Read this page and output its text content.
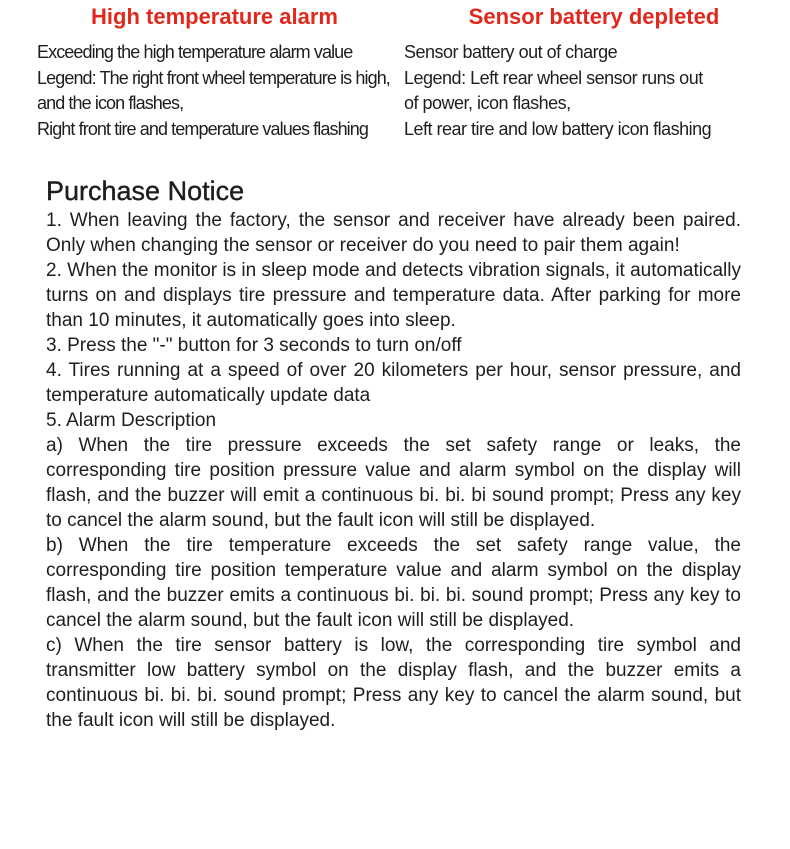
High temperature alarm
Exceeding the high temperature alarm value
Legend: The right front wheel temperature is high,
and the icon flashes,
Right front tire and temperature values flashing
Sensor battery depleted
Sensor battery out of charge
Legend: Left rear wheel sensor runs out
of power, icon flashes,
Left rear tire and low battery icon flashing
Purchase Notice

1. When leaving the factory, the sensor and receiver have already been paired. Only when changing the sensor or receiver do you need to pair them again!

2. When the monitor is in sleep mode and detects vibration signals, it automatically turns on and displays tire pressure and temperature data. After parking for more than 10 minutes, it automatically goes into sleep.

3. Press the "-" button for 3 seconds to turn on/off

4. Tires running at a speed of over 20 kilometers per hour, sensor pressure, and temperature automatically update data

5. Alarm Description

a) When the tire pressure exceeds the set safety range or leaks, the corresponding tire position pressure value and alarm symbol on the display will flash, and the buzzer will emit a continuous bi. bi. bi sound prompt; Press any key to cancel the alarm sound, but the fault icon will still be displayed.

b) When the tire temperature exceeds the set safety range value, the corresponding tire position temperature value and alarm symbol on the display flash, and the buzzer emits a continuous bi. bi. bi. sound prompt; Press any key to cancel the alarm sound, but the fault icon will still be displayed.

c) When the tire sensor battery is low, the corresponding tire symbol and transmitter low battery symbol on the display flash, and the buzzer emits a continuous bi. bi. bi. sound prompt; Press any key to cancel the alarm sound, but the fault icon will still be displayed.
